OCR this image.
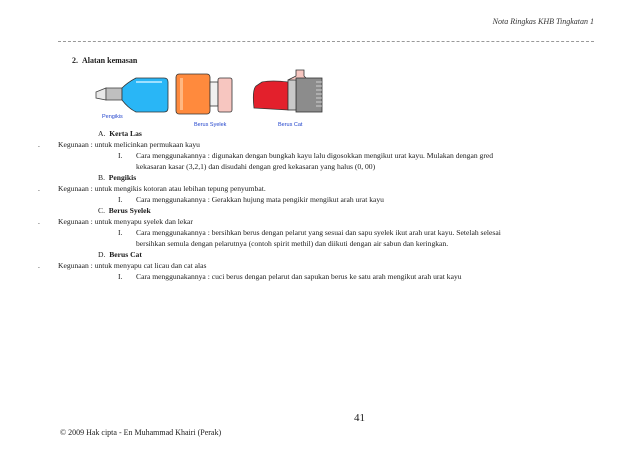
Nota Ringkas KHB Tingkatan 1
2. Alatan kemasan
Pengikis
Berus Syelek	Berus Cat
A. Kerta Las
. Kegunaan : untuk melicinkan permukaan kayu
I. Cara menggunakannya : digunakan dengan bungkah kayu lalu digosokkan mengikut urat kayu. Mulakan dengan gred
kekasaran kasar (3,2,1) dan disudahi dengan gred kekasaran yang halus (0, 00)
B. Pengikis
. Kegunaan : untuk mengikis kotoran atau lebihan tepung penyumbat.
I. Cara menggunakannya : Gerakkan hujung mata pengikir mengikut arah urat kayu
C. Berus Syelek
. Kegunaan : untuk menyapu syelek dan lekar
I. Cara menggunakannya : bersihkan berus dengan pelarut yang sesuai dan sapu syelek ikut arah urat kayu. Setelah selesai
bersihkan semula dengan pelarutnya (contoh spirit methil) dan diikuti dengan air sabun dan keringkan.
D. Berus Cat
. Kegunaan : untuk menyapu cat licau dan cat alas
I. Cara menggunakannya : cuci berus dengan pelarut dan sapukan berus ke satu arah mengikut arah urat kayu
© 2009 Hak cipta - En Muhammad Khairi (Perak)
41
